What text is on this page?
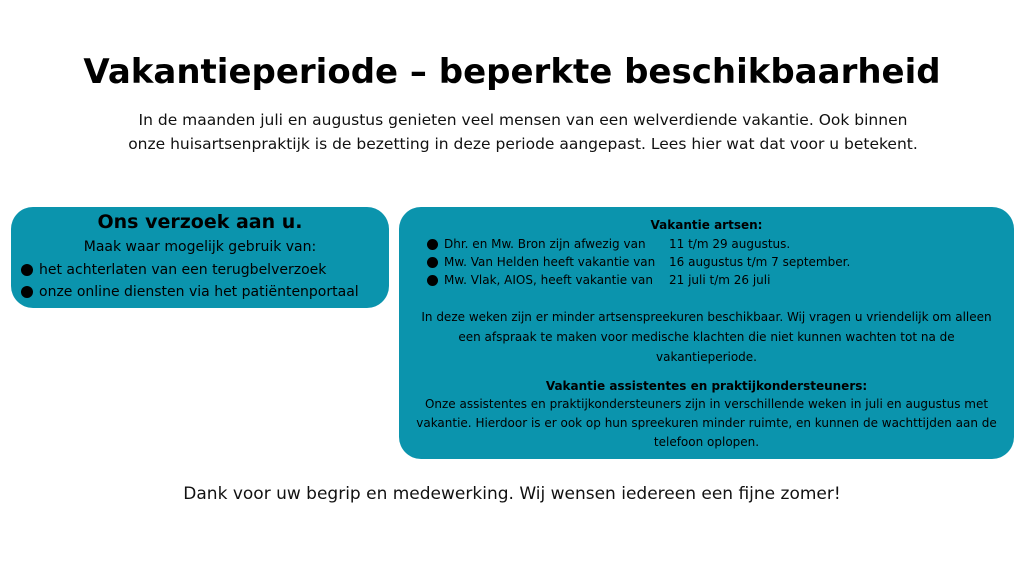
Vakantieperiode – beperkte beschikbaarheid
In de maanden juli en augustus genieten veel mensen van een welverdiende vakantie. Ook binnen onze huisartsenpraktijk is de bezetting in deze periode aangepast. Lees hier wat dat voor u betekent.
Ons verzoek aan u.
Maak waar mogelijk gebruik van:
het achterlaten van een terugbelverzoek
onze online diensten via het patiëntenportaal
Vakantie artsen:
Dhr. en Mw. Bron zijn afwezig van	11 t/m 29 augustus.
Mw. Van Helden heeft vakantie van	16 augustus t/m 7 september.
Mw. Vlak, AIOS, heeft vakantie van	21 juli t/m 26 juli
In deze weken zijn er minder artsenspreekuren beschikbaar. Wij vragen u vriendelijk om alleen een afspraak te maken voor medische klachten die niet kunnen wachten tot na de vakantieperiode.
Vakantie assistentes en praktijkondersteuners:
Onze assistentes en praktijkondersteuners zijn in verschillende weken in juli en augustus met vakantie. Hierdoor is er ook op hun spreekuren minder ruimte, en kunnen de wachttijden aan de telefoon oplopen.
Dank voor uw begrip en medewerking. Wij wensen iedereen een fijne zomer!
